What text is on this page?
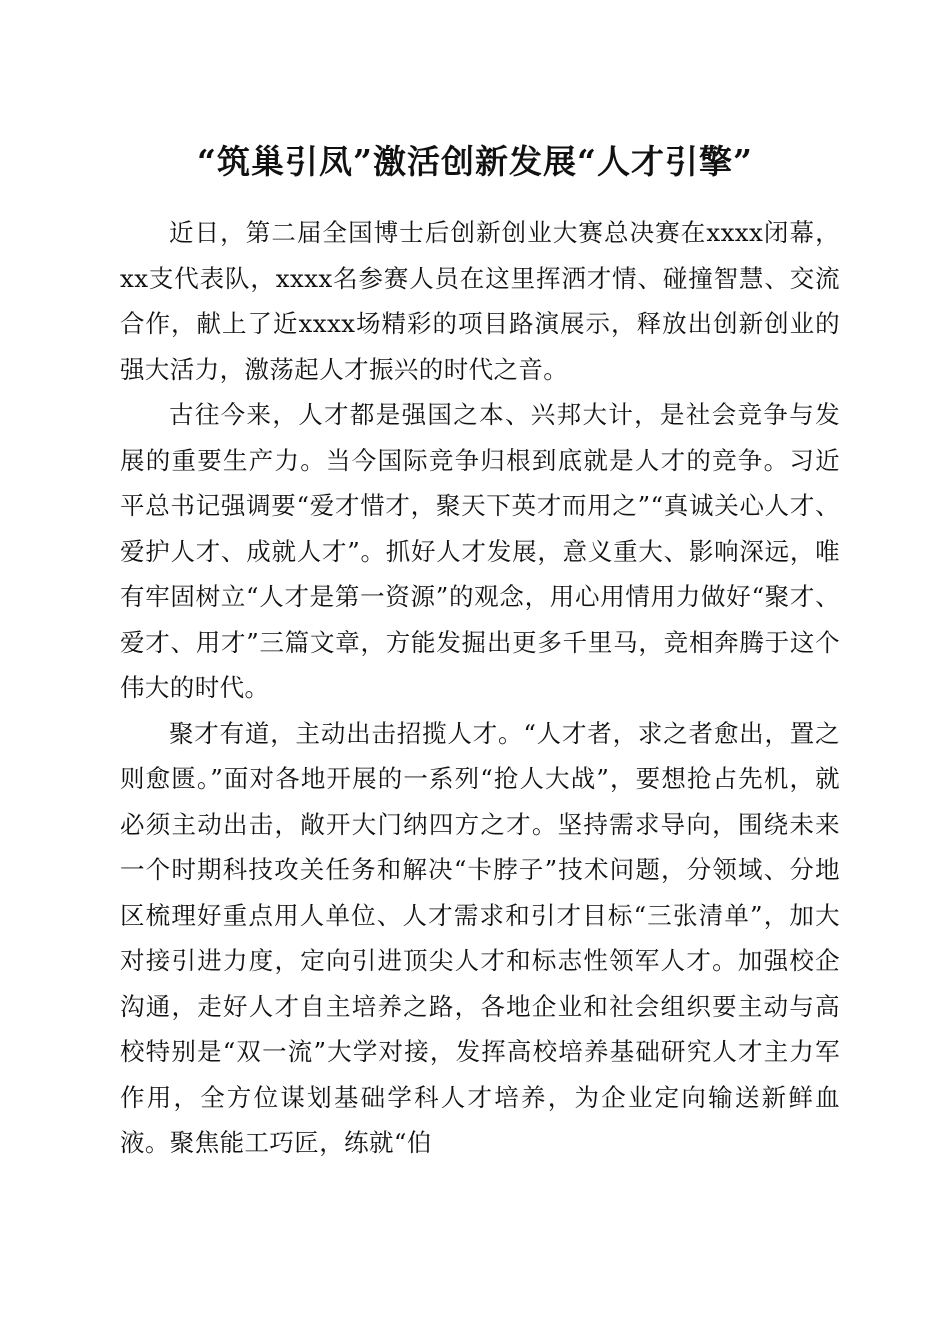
“筑巢引凤”激活创新发展“人才引擎”

近日，第二届全国博士后创新创业大赛总决赛在xxxx闭幕，xx支代表队，xxxx名参赛人员在这里挥洒才情、碰撞智慧、交流合作，献上了近xxxx场精彩的项目路演展示，释放出创新创业的强大活力，激荡起人才振兴的时代之音。

古往今来，人才都是强国之本、兴邦大计，是社会竞争与发展的重要生产力。当今国际竞争归根到底就是人才的竞争。习近平总书记强调要“爱才惜才，聚天下英才而用之”“真诚关心人才、爱护人才、成就人才”。抓好人才发展，意义重大、影响深远，唯有牢固树立“人才是第一资源”的观念，用心用情用力做好“聚才、爱才、用才”三篇文章，方能发掘出更多千里马，竞相奔腾于这个伟大的时代。

聚才有道，主动出击招揽人才。“人才者，求之者愈出，置之则愈匮。”面对各地开展的一系列“抢人大战”，要想抢占先机，就必须主动出击，敞开大门纳四方之才。坚持需求导向，围绕未来一个时期科技攻关任务和解决“卡脖子”技术问题，分领域、分地区梳理好重点用人单位、人才需求和引才目标“三张清单”，加大对接引进力度，定向引进顶尖人才和标志性领军人才。加强校企沟通，走好人才自主培养之路，各地企业和社会组织要主动与高校特别是“双一流”大学对接，发挥高校培养基础研究人才主力军作用，全方位谋划基础学科人才培养，为企业定向输送新鲜血液。聚焦能工巧匠，练就“伯
